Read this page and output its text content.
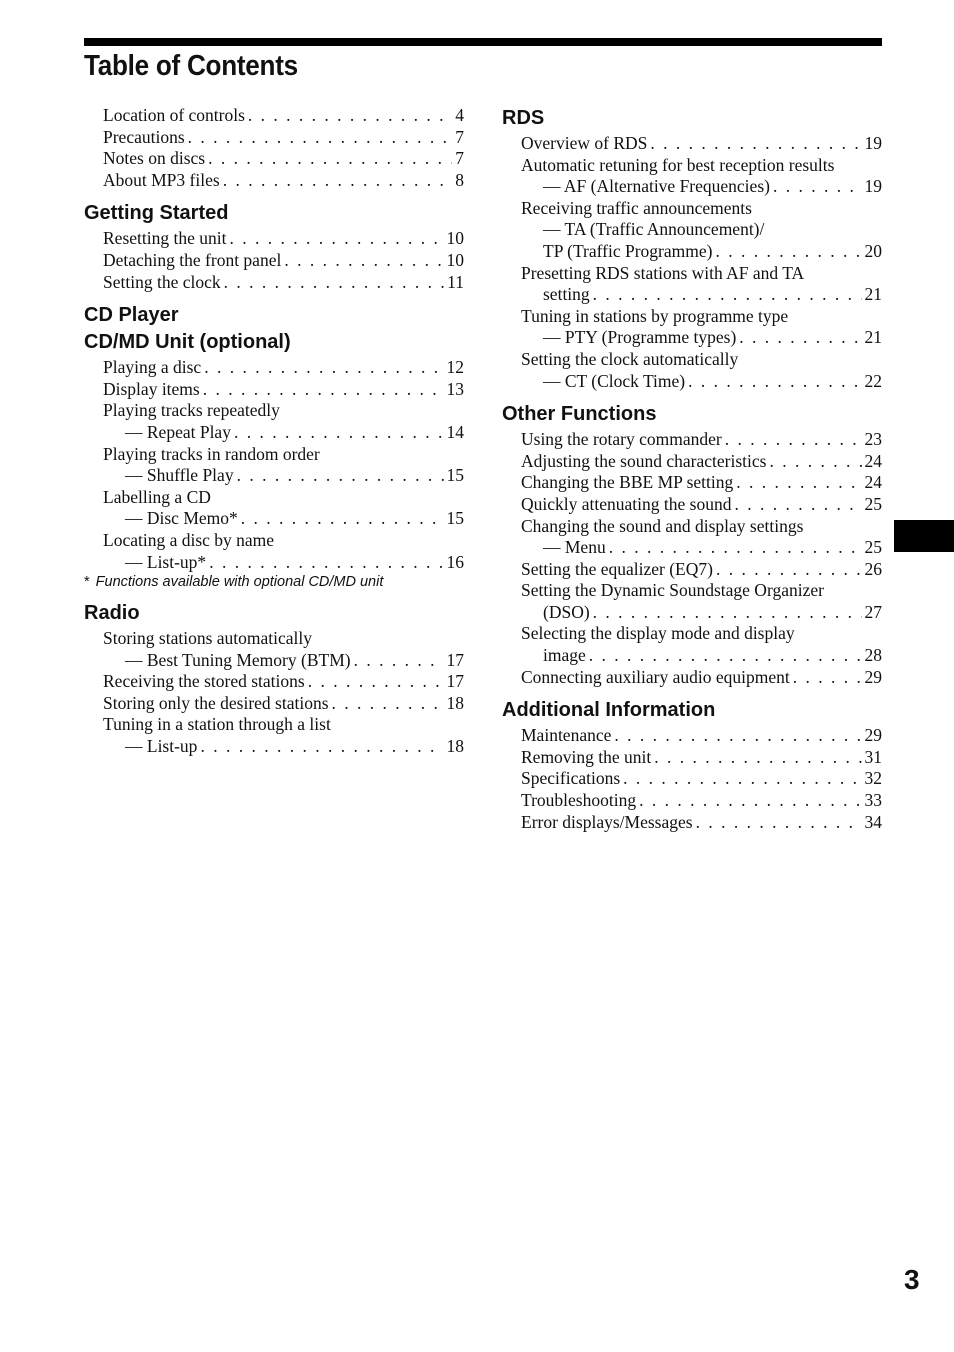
Table of Contents
Location of controls . . .	4
Precautions . . .	7
Notes on discs . . .	7
About MP3 files . . .	8
Getting Started
Resetting the unit . . .	10
Detaching the front panel . . .	10
Setting the clock . . .	11
CD Player
CD/MD Unit (optional)
Playing a disc . . .	12
Display items . . .	13
Playing tracks repeatedly
— Repeat Play . . .	14
Playing tracks in random order
— Shuffle Play . . .	15
Labelling a CD
— Disc Memo* . . .	15
Locating a disc by name
— List-up* . . .	16
* Functions available with optional CD/MD unit
Radio
Storing stations automatically
— Best Tuning Memory (BTM) . . .	17
Receiving the stored stations . . .	17
Storing only the desired stations . . .	18
Tuning in a station through a list
— List-up . . .	18
RDS
Overview of RDS . . .	19
Automatic retuning for best reception results
— AF (Alternative Frequencies) . . .	19
Receiving traffic announcements
— TA (Traffic Announcement)/
TP (Traffic Programme) . . .	20
Presetting RDS stations with AF and TA
setting . . .	21
Tuning in stations by programme type
— PTY (Programme types) . . .	21
Setting the clock automatically
— CT (Clock Time) . . .	22
Other Functions
Using the rotary commander . . .	23
Adjusting the sound characteristics . . .	24
Changing the BBE MP setting . . .	24
Quickly attenuating the sound . . .	25
Changing the sound and display settings
— Menu . . .	25
Setting the equalizer (EQ7) . . .	26
Setting the Dynamic Soundstage Organizer
(DSO) . . .	27
Selecting the display mode and display
image . . .	28
Connecting auxiliary audio equipment . . .	29
Additional Information
Maintenance . . .	29
Removing the unit . . .	31
Specifications . . .	32
Troubleshooting . . .	33
Error displays/Messages . . .	34
3
